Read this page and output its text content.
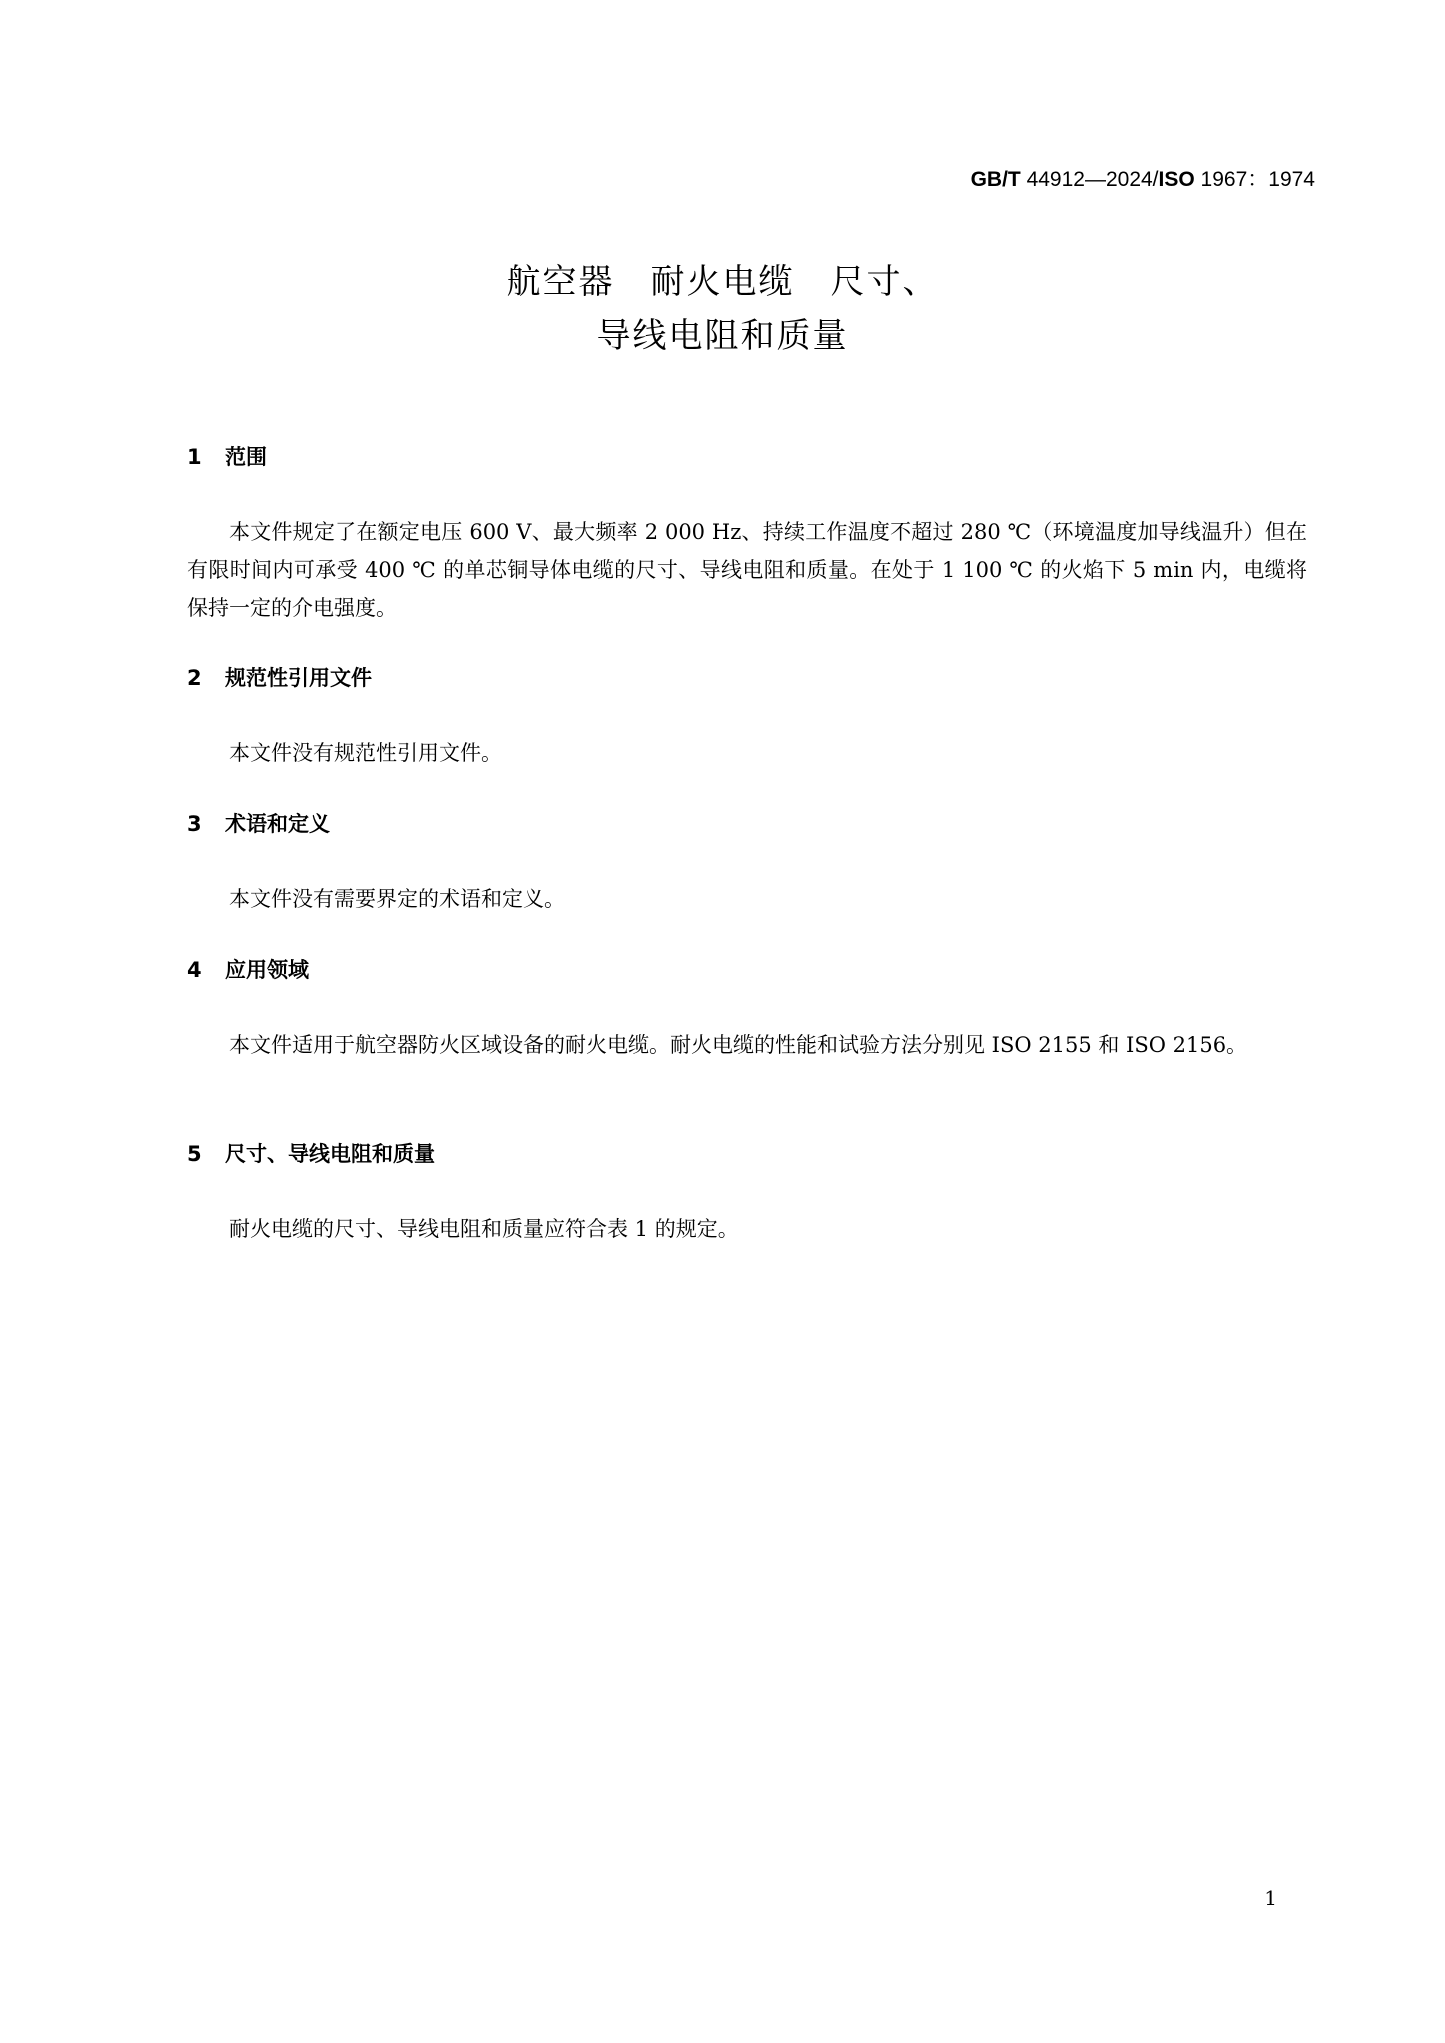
GB/T 44912—2024/ISO 1967：1974
航空器　耐火电缆　尺寸、
导线电阻和质量
1 范围
本文件规定了在额定电压 600 V、最大频率 2 000 Hz、持续工作温度不超过 280 ℃（环境温度加导线温升）但在有限时间内可承受 400 ℃ 的单芯铜导体电缆的尺寸、导线电阻和质量。在处于 1 100 ℃ 的火焰下 5 min 内，电缆将保持一定的介电强度。
2 规范性引用文件
本文件没有规范性引用文件。
3 术语和定义
本文件没有需要界定的术语和定义。
4 应用领域
本文件适用于航空器防火区域设备的耐火电缆。耐火电缆的性能和试验方法分别见 ISO 2155 和 ISO 2156。
5 尺寸、导线电阻和质量
耐火电缆的尺寸、导线电阻和质量应符合表 1 的规定。
1
